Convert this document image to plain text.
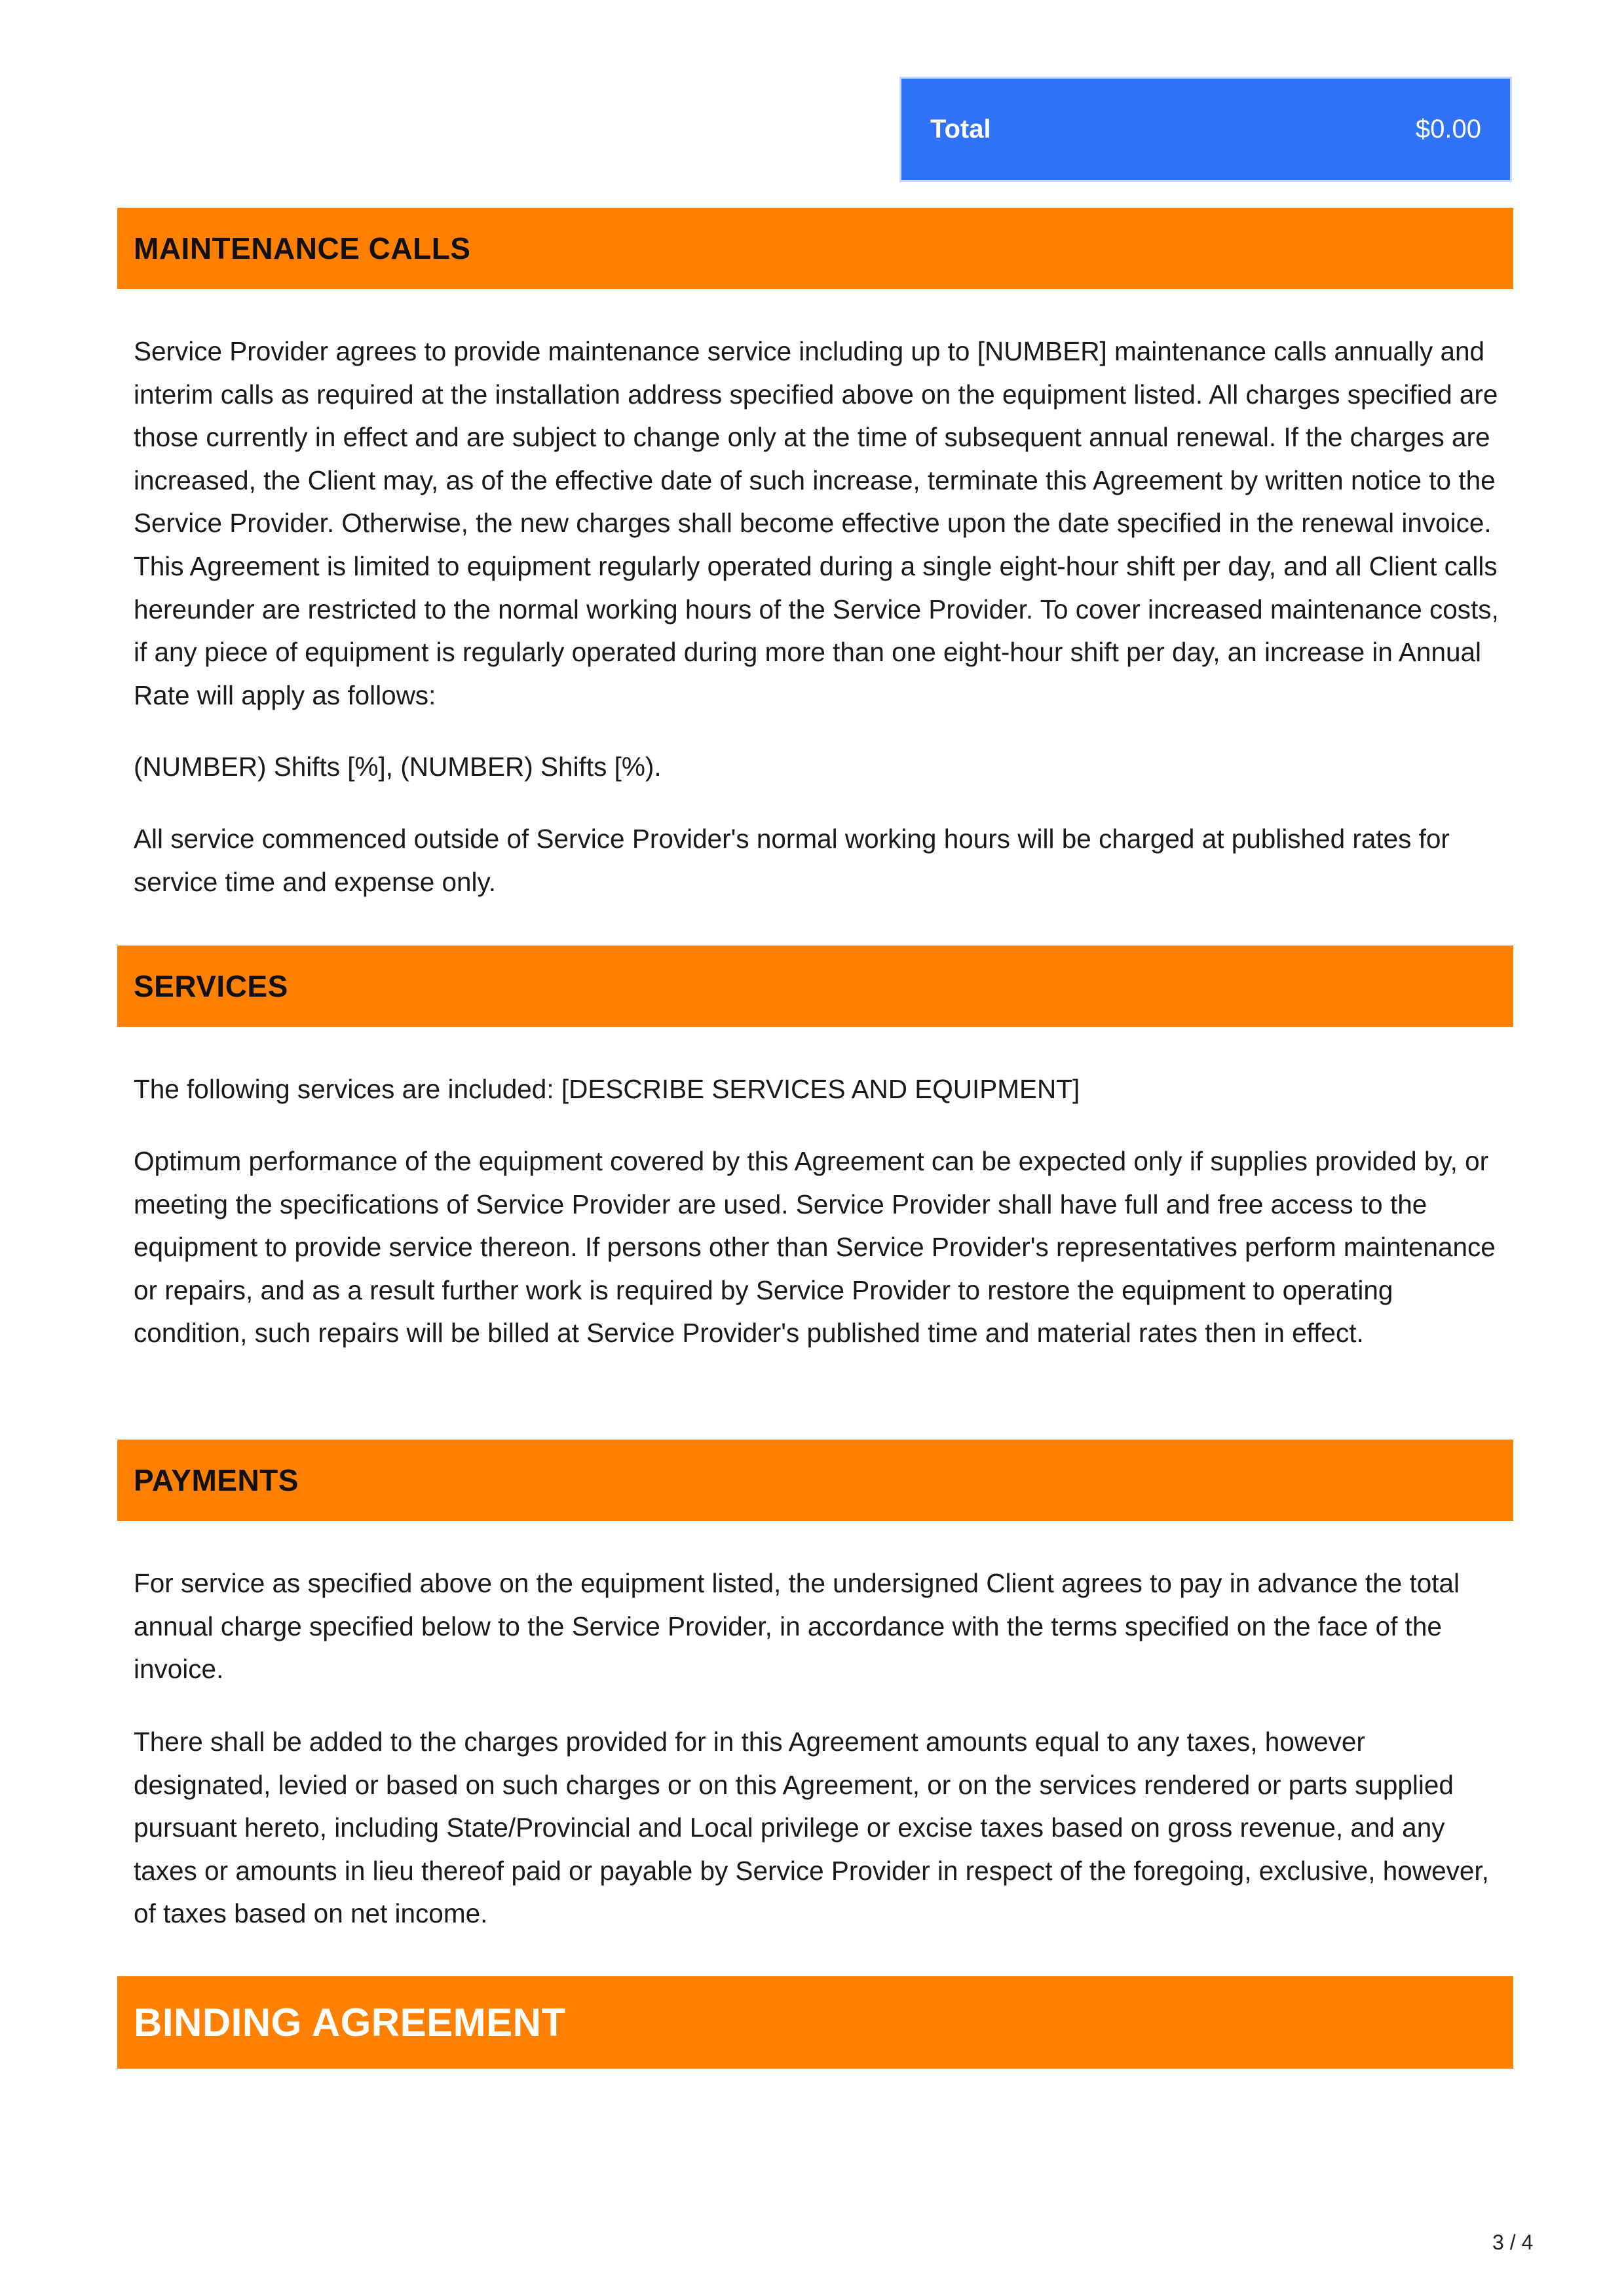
Total	$0.00
MAINTENANCE CALLS

Service Provider agrees to provide maintenance service including up to [NUMBER] maintenance calls annually and interim calls as required at the installation address specified above on the equipment listed. All charges specified are those currently in effect and are subject to change only at the time of subsequent annual renewal. If the charges are increased, the Client may, as of the effective date of such increase, terminate this Agreement by written notice to the Service Provider. Otherwise, the new charges shall become effective upon the date specified in the renewal invoice. This Agreement is limited to equipment regularly operated during a single eight-hour shift per day, and all Client calls hereunder are restricted to the normal working hours of the Service Provider. To cover increased maintenance costs, if any piece of equipment is regularly operated during more than one eight-hour shift per day, an increase in Annual Rate will apply as follows:

(NUMBER) Shifts [%], (NUMBER) Shifts [%).

All service commenced outside of Service Provider's normal working hours will be charged at published rates for service time and expense only.

SERVICES

The following services are included: [DESCRIBE SERVICES AND EQUIPMENT]

Optimum performance of the equipment covered by this Agreement can be expected only if supplies provided by, or meeting the specifications of Service Provider are used. Service Provider shall have full and free access to the equipment to provide service thereon. If persons other than Service Provider's representatives perform maintenance or repairs, and as a result further work is required by Service Provider to restore the equipment to operating condition, such repairs will be billed at Service Provider's published time and material rates then in effect.

PAYMENTS

For service as specified above on the equipment listed, the undersigned Client agrees to pay in advance the total annual charge specified below to the Service Provider, in accordance with the terms specified on the face of the invoice.

There shall be added to the charges provided for in this Agreement amounts equal to any taxes, however designated, levied or based on such charges or on this Agreement, or on the services rendered or parts supplied pursuant hereto, including State/Provincial and Local privilege or excise taxes based on gross revenue, and any taxes or amounts in lieu thereof paid or payable by Service Provider in respect of the foregoing, exclusive, however, of taxes based on net income.

BINDING AGREEMENT
3 / 4
